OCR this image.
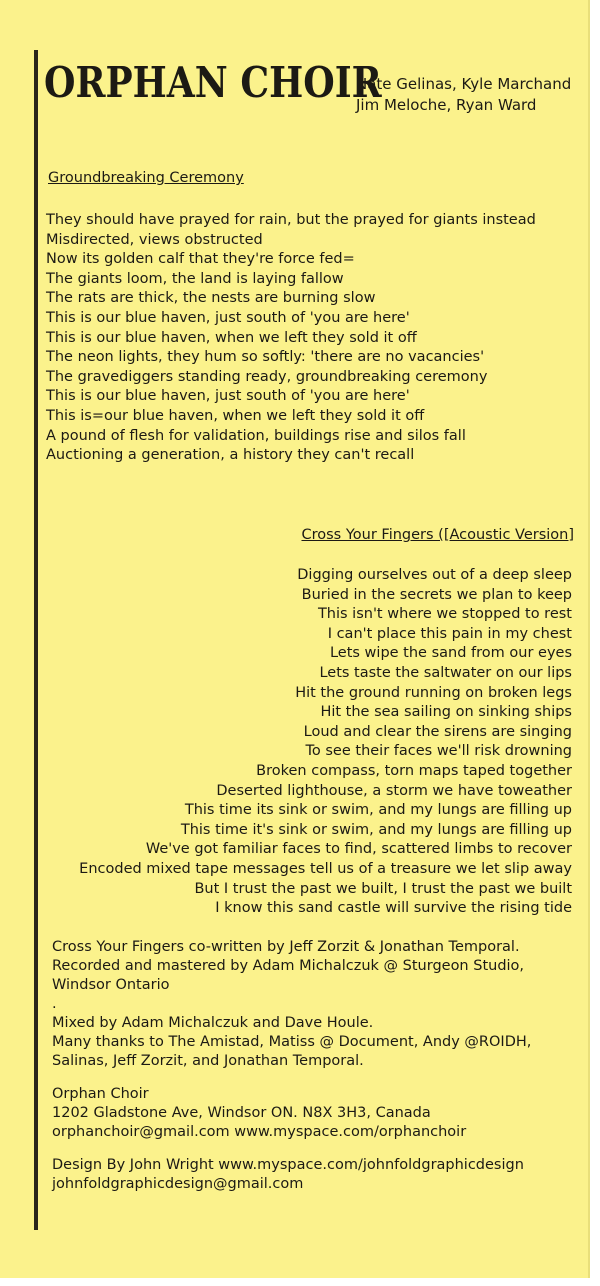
ORPHAN CHOIR
Nate Gelinas, Kyle Marchand
Jim Meloche, Ryan Ward
Groundbreaking Ceremony
They should have prayed for rain, but the prayed for giants instead
Misdirected, views obstructed
Now its golden calf that they're force fed=
The giants loom, the land is laying fallow
The rats are thick, the nests are burning slow
This is our blue haven, just south of 'you are here'
This is our blue haven, when we left they sold it off
The neon lights, they hum so softly: 'there are no vacancies'
The gravediggers standing ready, groundbreaking ceremony
This is our blue haven, just south of 'you are here'
This is=our blue haven, when we left they sold it off
A pound of flesh for validation, buildings rise and silos fall
Auctioning a generation, a history they can't recall
Cross Your Fingers ([Acoustic Version]
Digging ourselves out of a deep sleep
Buried in the secrets we plan to keep
This isn't where we stopped to rest
I can't place this pain in my chest
Lets wipe the sand from our eyes
Lets taste the saltwater on our lips
Hit the ground running on broken legs
Hit the sea sailing on sinking ships
Loud and clear the sirens are singing
To see their faces we'll risk drowning
Broken compass, torn maps taped together
Deserted lighthouse, a storm we have toweather
This time its sink or swim, and my lungs are filling up
This time it's sink or swim, and my lungs are filling up
We've got familiar faces to find, scattered limbs to recover
Encoded mixed tape messages tell us of a treasure we let slip away
But I trust the past we built, I trust the past we built
I know this sand castle will survive the rising tide
Cross Your Fingers co-written by Jeff Zorzit & Jonathan Temporal.
Recorded and mastered by Adam Michalczuk @ Sturgeon Studio,
Windsor Ontario
.
Mixed by Adam Michalczuk and Dave Houle.
Many thanks to The Amistad, Matiss @ Document, Andy @ROIDH,
Salinas, Jeff Zorzit, and Jonathan Temporal.
Orphan Choir
1202 Gladstone Ave, Windsor ON. N8X 3H3, Canada
orphanchoir@gmail.com www.myspace.com/orphanchoir
Design By John Wright www.myspace.com/johnfoldgraphicdesign
johnfoldgraphicdesign@gmail.com
